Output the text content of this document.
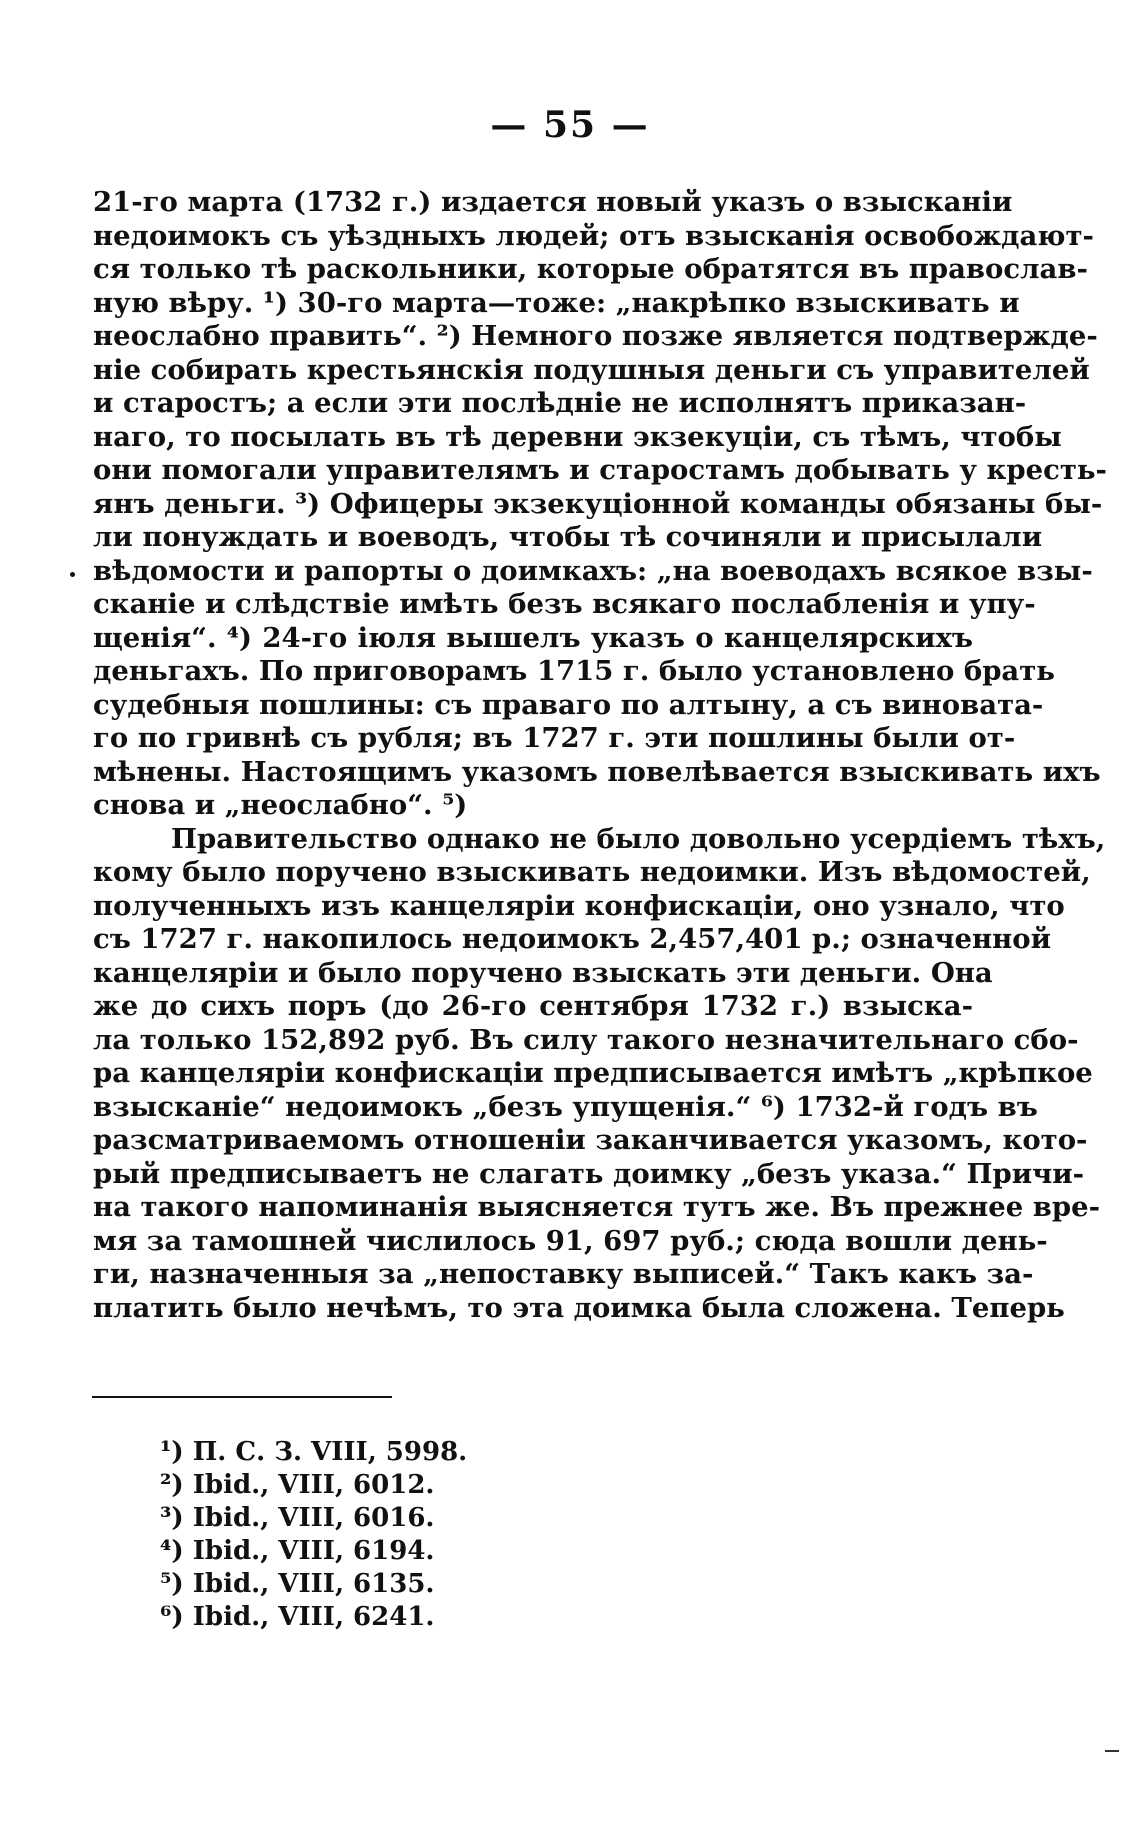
— 55 —
21-го марта (1732 г.) издается новый указъ о взысканіи
недоимокъ съ уѣздныхъ людей; отъ взысканія освобождают-
ся только тѣ раскольники, которые обратятся въ православ-
ную вѣру. ¹) 30-го марта—тоже: „накрѣпко взыскивать и
неослабно править“. ²) Немного позже является подтвержде-
ніе собирать крестьянскія подушныя деньги съ управителей
и старостъ; а если эти послѣдніе не исполнятъ приказан-
наго, то посылать въ тѣ деревни экзекуціи, съ тѣмъ, чтобы
они помогали управителямъ и старостамъ добывать у кресть-
янъ деньги. ³) Офицеры экзекуціонной команды обязаны бы-
ли понуждать и воеводъ, чтобы тѣ сочиняли и присылали
вѣдомости и рапорты о доимкахъ: „на воеводахъ всякое взы-
сканіе и слѣдствіе имѣть безъ всякаго послабленія и упу-
щенія“. ⁴) 24-го іюля вышелъ указъ о канцелярскихъ
деньгахъ. По приговорамъ 1715 г. было установлено брать
судебныя пошлины: съ праваго по алтыну, а съ виновата-
го по гривнѣ съ рубля; въ 1727 г. эти пошлины были от-
мѣнены. Настоящимъ указомъ повелѣвается взыскивать ихъ
снова и „неослабно“. ⁵)
Правительство однако не было довольно усердіемъ тѣхъ,
кому было поручено взыскивать недоимки. Изъ вѣдомостей,
полученныхъ изъ канцеляріи конфискаціи, оно узнало, что
съ 1727 г. накопилось недоимокъ 2,457,401 р.; означенной
канцеляріи и было поручено взыскать эти деньги. Она
же до сихъ поръ (до 26-го сентября 1732 г.) взыска-
ла только 152,892 руб. Въ силу такого незначительнаго сбо-
ра канцеляріи конфискаціи предписывается имѣтъ „крѣпкое
взысканіе“ недоимокъ „безъ упущенія.“ ⁶) 1732-й годъ въ
разсматриваемомъ отношеніи заканчивается указомъ, кото-
рый предписываетъ не слагать доимку „безъ указа.“ Причи-
на такого напоминанія выясняется тутъ же. Въ прежнее вре-
мя за тамошней числилось 91, 697 руб.; сюда вошли день-
ги, назначенныя за „непоставку выписей.“ Такъ какъ за-
платить было нечѣмъ, то эта доимка была сложена. Теперь
¹) П. С. З. VIII, 5998.
²) Ibid., VIII, 6012.
³) Ibid., VIII, 6016.
⁴) Ibid., VIII, 6194.
⁵) Ibid., VIII, 6135.
⁶) Ibid., VIII, 6241.
